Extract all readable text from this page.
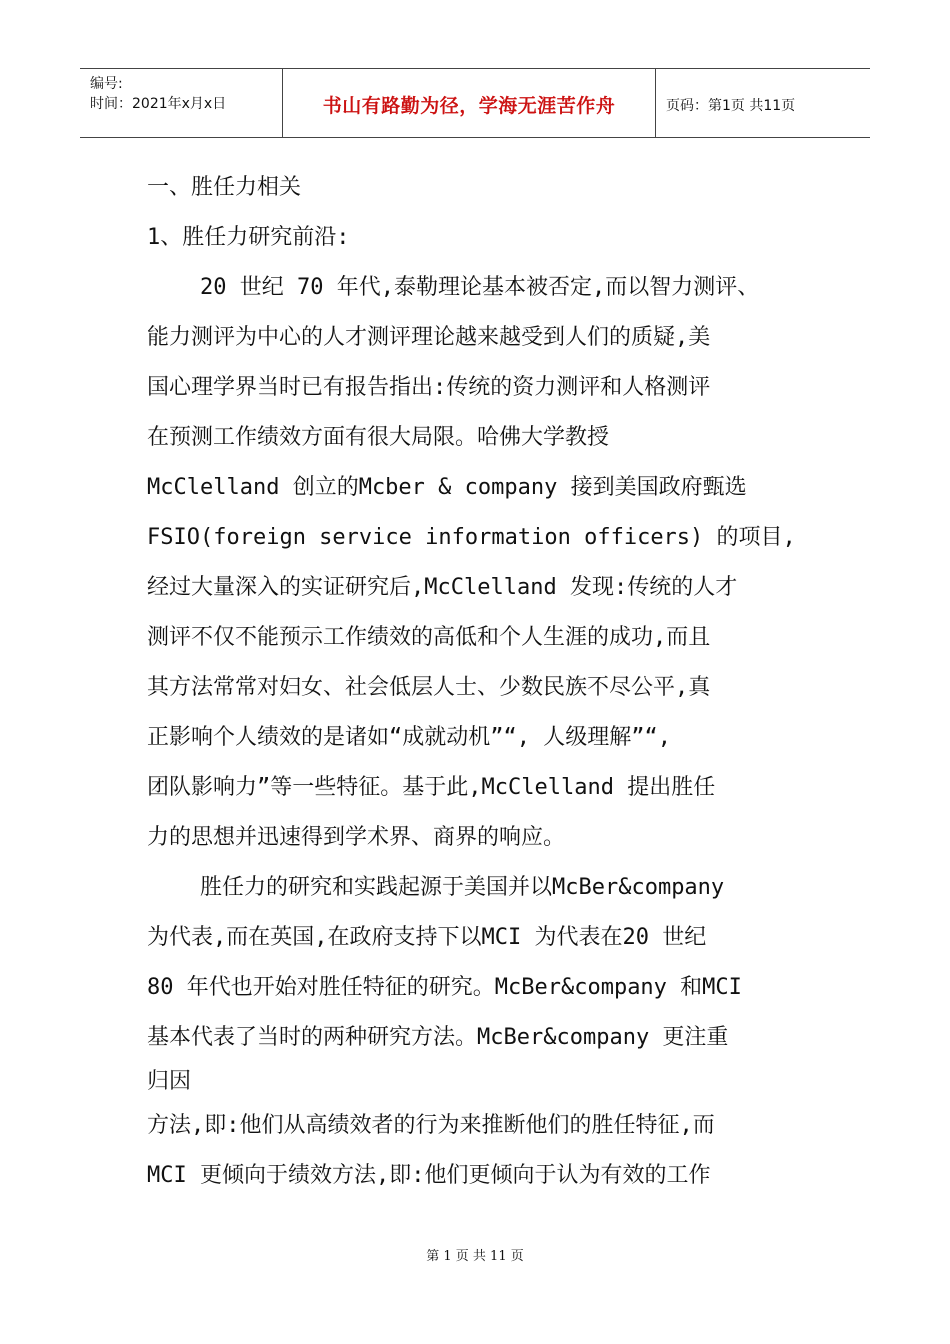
编号:
时间：2021年x月x日	书山有路勤为径，学海无涯苦作舟	页码：第1页 共11页
一、胜任力相关
1、胜任力研究前沿:
20 世纪 70 年代,泰勒理论基本被否定,而以智力测评、
能力测评为中心的人才测评理论越来越受到人们的质疑,美
国心理学界当时已有报告指出:传统的资力测评和人格测评
在预测工作绩效方面有很大局限。哈佛大学教授
McClelland 创立的Mcber & company 接到美国政府甄选
FSIO(foreign service information officers) 的项目,
经过大量深入的实证研究后,McClelland 发现:传统的人才
测评不仅不能预示工作绩效的高低和个人生涯的成功,而且
其方法常常对妇女、社会低层人士、少数民族不尽公平,真
正影响个人绩效的是诸如“成就动机”“, 人级理解”“,
团队影响力”等一些特征。基于此,McClelland 提出胜任
力的思想并迅速得到学术界、商界的响应。
胜任力的研究和实践起源于美国并以McBer&company
为代表,而在英国,在政府支持下以MCI 为代表在20 世纪
80 年代也开始对胜任特征的研究。McBer&company 和MCI
基本代表了当时的两种研究方法。McBer&company 更注重
归因
方法,即:他们从高绩效者的行为来推断他们的胜任特征,而
MCI 更倾向于绩效方法,即:他们更倾向于认为有效的工作
第 1 页 共 11 页
